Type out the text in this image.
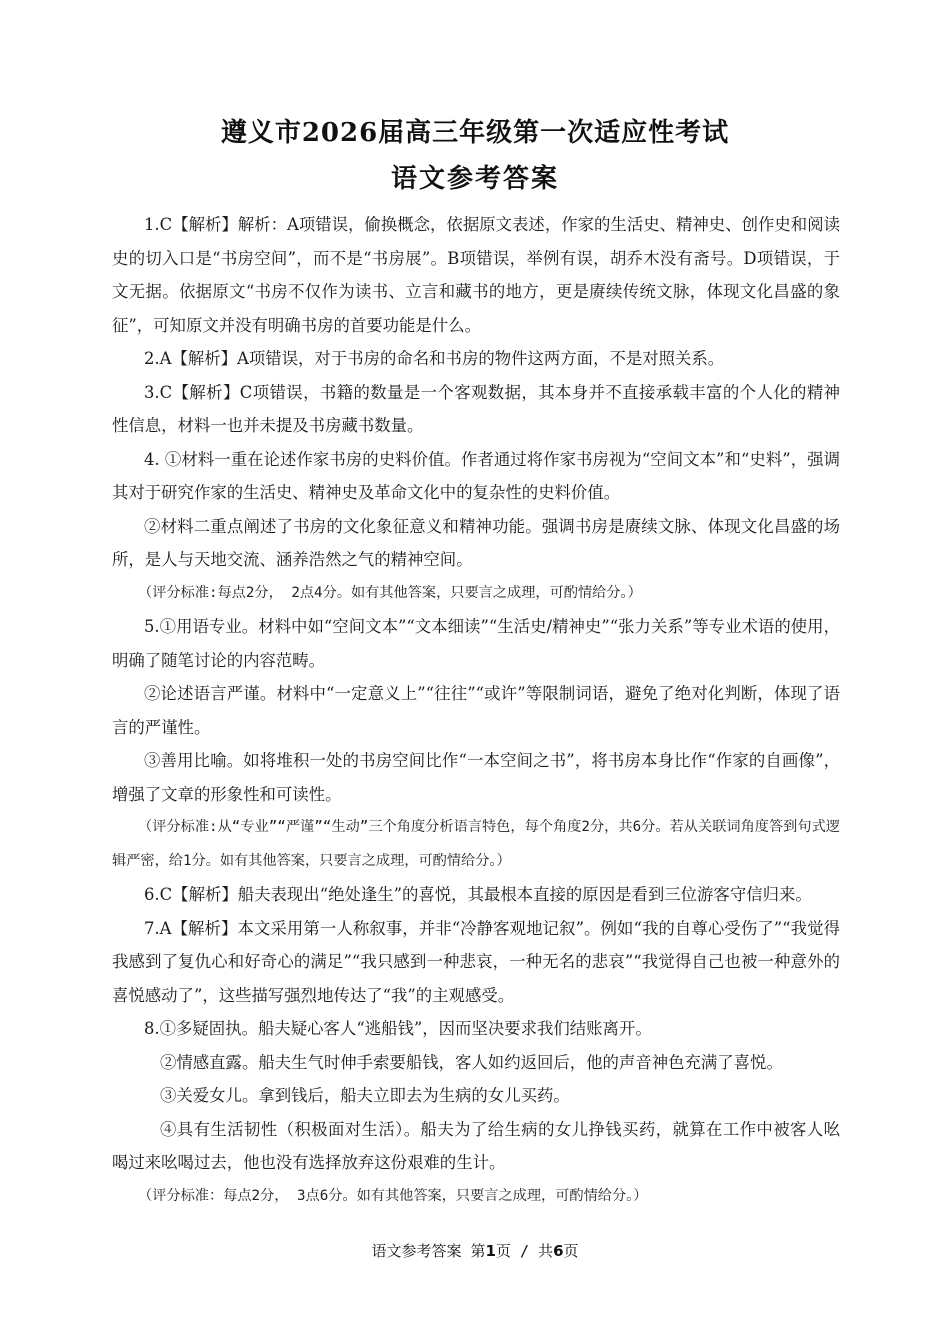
遵义市2026届高三年级第一次适应性考试
语文参考答案

1.C【解析】解析：A项错误，偷换概念，依据原文表述，作家的生活史、精神史、创作史和阅读史的切入口是“书房空间”，而不是“书房展”。B项错误，举例有误，胡乔木没有斋号。D项错误，于文无据。依据原文“书房不仅作为读书、立言和藏书的地方，更是赓续传统文脉，体现文化昌盛的象征”，可知原文并没有明确书房的首要功能是什么。

2.A【解析】A项错误，对于书房的命名和书房的物件这两方面，不是对照关系。

3.C【解析】C项错误，书籍的数量是一个客观数据，其本身并不直接承载丰富的个人化的精神性信息，材料一也并未提及书房藏书数量。

4. ①材料一重在论述作家书房的史料价值。作者通过将作家书房视为“空间文本”和“史料”，强调其对于研究作家的生活史、精神史及革命文化中的复杂性的史料价值。

②材料二重点阐述了书房的文化象征意义和精神功能。强调书房是赓续文脉、体现文化昌盛的场所，是人与天地交流、涵养浩然之气的精神空间。

（评分标准:每点2分， 2点4分。如有其他答案，只要言之成理，可酌情给分。）

5.①用语专业。材料中如“空间文本”“文本细读”“生活史/精神史”“张力关系”等专业术语的使用，明确了随笔讨论的内容范畴。

②论述语言严谨。材料中“一定意义上”“往往”“或许”等限制词语，避免了绝对化判断，体现了语言的严谨性。

③善用比喻。如将堆积一处的书房空间比作“一本空间之书”，将书房本身比作“作家的自画像”，增强了文章的形象性和可读性。

（评分标准:从“专业”“严谨”“生动”三个角度分析语言特色，每个角度2分，共6分。若从关联词角度答到句式逻辑严密，给1分。如有其他答案，只要言之成理，可酌情给分。）

6.C【解析】船夫表现出“绝处逢生”的喜悦，其最根本直接的原因是看到三位游客守信归来。

7.A【解析】本文采用第一人称叙事，并非“冷静客观地记叙”。例如“我的自尊心受伤了”“我觉得我感到了复仇心和好奇心的满足”“我只感到一种悲哀，一种无名的悲哀”“我觉得自己也被一种意外的喜悦感动了”，这些描写强烈地传达了“我”的主观感受。

8.①多疑固执。船夫疑心客人“逃船钱”，因而坚决要求我们结账离开。

②情感直露。船夫生气时伸手索要船钱，客人如约返回后，他的声音神色充满了喜悦。

③关爱女儿。拿到钱后，船夫立即去为生病的女儿买药。

④具有生活韧性（积极面对生活）。船夫为了给生病的女儿挣钱买药，就算在工作中被客人吆喝过来吆喝过去，他也没有选择放弃这份艰难的生计。

（评分标准：每点2分， 3点6分。如有其他答案，只要言之成理，可酌情给分。）

语文参考答案 第1页 / 共6页
